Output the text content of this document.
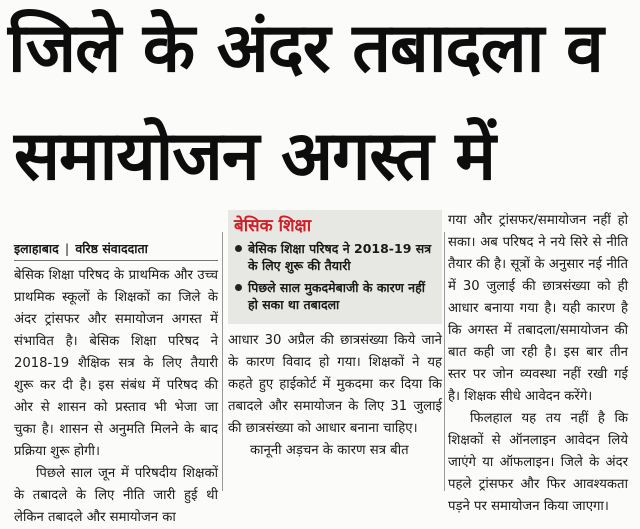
जिले के अंदर तबादला व
समायोजन अगस्त में
इलाहाबाद | वरिष्ठ संवाददाता

बेसिक शिक्षा परिषद के प्राथमिक और उच्च प्राथमिक स्कूलों के शिक्षकों का जिले के अंदर ट्रांसफर और समायोजन अगस्त में संभावित है। बेसिक शिक्षा परिषद ने 2018-19 शैक्षिक सत्र के लिए तैयारी शुरू कर दी है। इस संबंध में परिषद की ओर से शासन को प्रस्ताव भी भेजा जा चुका है। शासन से अनुमति मिलने के बाद प्रक्रिया शुरू होगी।

पिछले साल जून में परिषदीय शिक्षकों के तबादले के लिए नीति जारी हुई थी लेकिन तबादले और समायोजन का

बेसिक शिक्षा
बेसिक शिक्षा परिषद ने 2018-19 सत्र के लिए शुरू की तैयारी
पिछले साल मुकदमेबाजी के कारण नहीं हो सका था तबादला

आधार 30 अप्रैल की छात्रसंख्या किये जाने के कारण विवाद हो गया। शिक्षकों ने यह कहते हुए हाईकोर्ट में मुकदमा कर दिया कि तबादले और समायोजन के लिए 31 जुलाई की छात्रसंख्या को आधार बनाना चाहिए।

कानूनी अड़चन के कारण सत्र बीत

गया और ट्रांसफर/समायोजन नहीं हो सका। अब परिषद ने नये सिरे से नीति तैयार की है। सूत्रों के अनुसार नई नीति में 30 जुलाई की छात्रसंख्या को ही आधार बनाया गया है। यही कारण है कि अगस्त में तबादला/समायोजन की बात कही जा रही है। इस बार तीन स्तर पर जोन व्यवस्था नहीं रखी गई है। शिक्षक सीधे आवेदन करेंगे।

फिलहाल यह तय नहीं है कि शिक्षकों से ऑनलाइन आवेदन लिये जाएंगे या ऑफलाइन। जिले के अंदर पहले ट्रांसफर और फिर आवश्यकता पड़ने पर समायोजन किया जाएगा।
